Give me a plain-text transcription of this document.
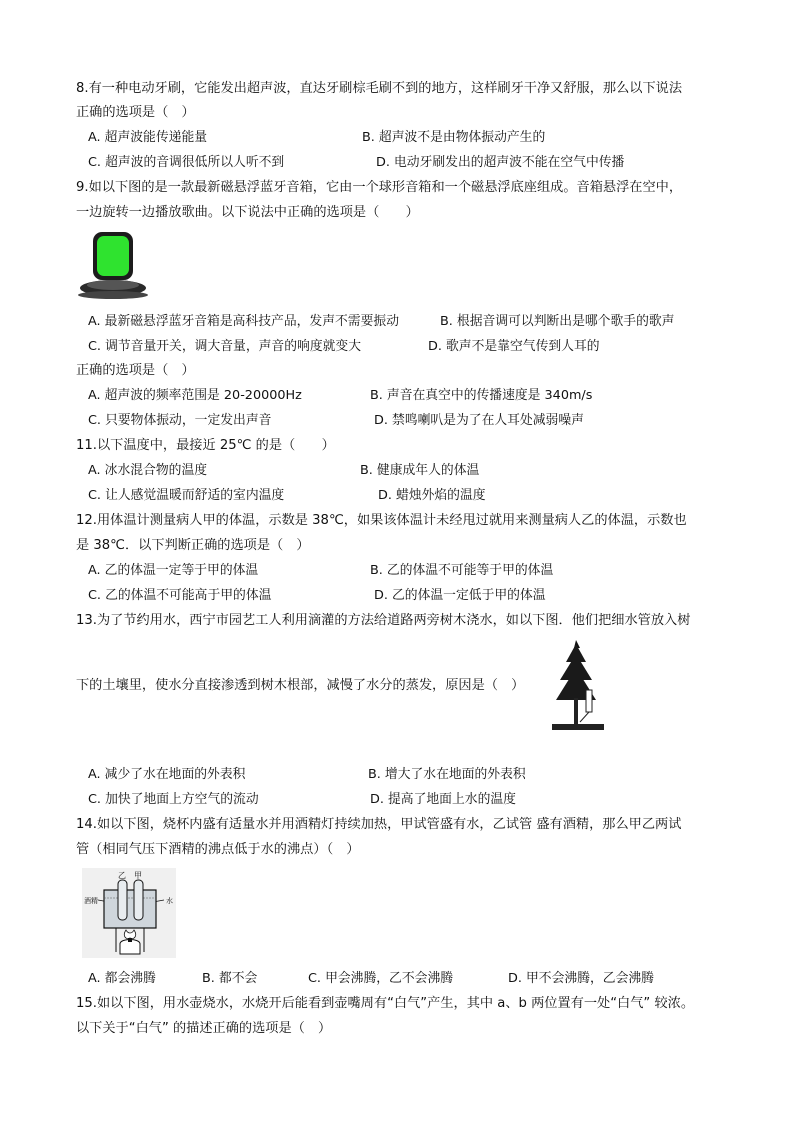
8.有一种电动牙刷，它能发出超声波，直达牙刷棕毛刷不到的地方，这样刷牙干净又舒服，那么以下说法
正确的选项是（　）
A. 超声波能传递能量	B. 超声波不是由物体振动产生的
C. 超声波的音调很低所以人听不到	D. 电动牙刷发出的超声波不能在空气中传播
9.如以下图的是一款最新磁悬浮蓝牙音箱，它由一个球形音箱和一个磁悬浮底座组成。音箱悬浮在空中，
一边旋转一边播放歌曲。以下说法中正确的选项是（　　）
A. 最新磁悬浮蓝牙音箱是高科技产品，发声不需要振动	B. 根据音调可以判断出是哪个歌手的歌声
C. 调节音量开关，调大音量，声音的响度就变大	D. 歌声不是靠空气传到人耳的
正确的选项是（　）
A. 超声波的频率范围是 20-20000Hz	B. 声音在真空中的传播速度是 340m/s
C. 只要物体振动，一定发出声音	D. 禁鸣喇叭是为了在人耳处减弱噪声
11.以下温度中，最接近 25℃ 的是（　　）
A. 冰水混合物的温度	B. 健康成年人的体温
C. 让人感觉温暖而舒适的室内温度	D. 蜡烛外焰的温度
12.用体温计测量病人甲的体温，示数是 38℃，如果该体温计未经甩过就用来测量病人乙的体温，示数也
是 38℃．以下判断正确的选项是（　）
A. 乙的体温一定等于甲的体温	B. 乙的体温不可能等于甲的体温
C. 乙的体温不可能高于甲的体温	D. 乙的体温一定低于甲的体温
13.为了节约用水，西宁市园艺工人利用滴灌的方法给道路两旁树木浇水，如以下图．他们把细水管放入树
下的土壤里，使水分直接渗透到树木根部，减慢了水分的蒸发，原因是（　）
A. 减少了水在地面的外表积	B. 增大了水在地面的外表积
C. 加快了地面上方空气的流动	D. 提高了地面上水的温度
14.如以下图，烧杯内盛有适量水并用酒精灯持续加热，甲试管盛有水，乙试管 盛有酒精，那么甲乙两试
管（相同气压下酒精的沸点低于水的沸点）（　）
乙 甲
酒精	水
A. 都会沸腾	B. 都不会	C. 甲会沸腾，乙不会沸腾	D. 甲不会沸腾，乙会沸腾
15.如以下图，用水壶烧水，水烧开后能看到壶嘴周有“白气”产生，其中 a、b 两位置有一处“白气” 较浓。
以下关于“白气” 的描述正确的选项是（　）
